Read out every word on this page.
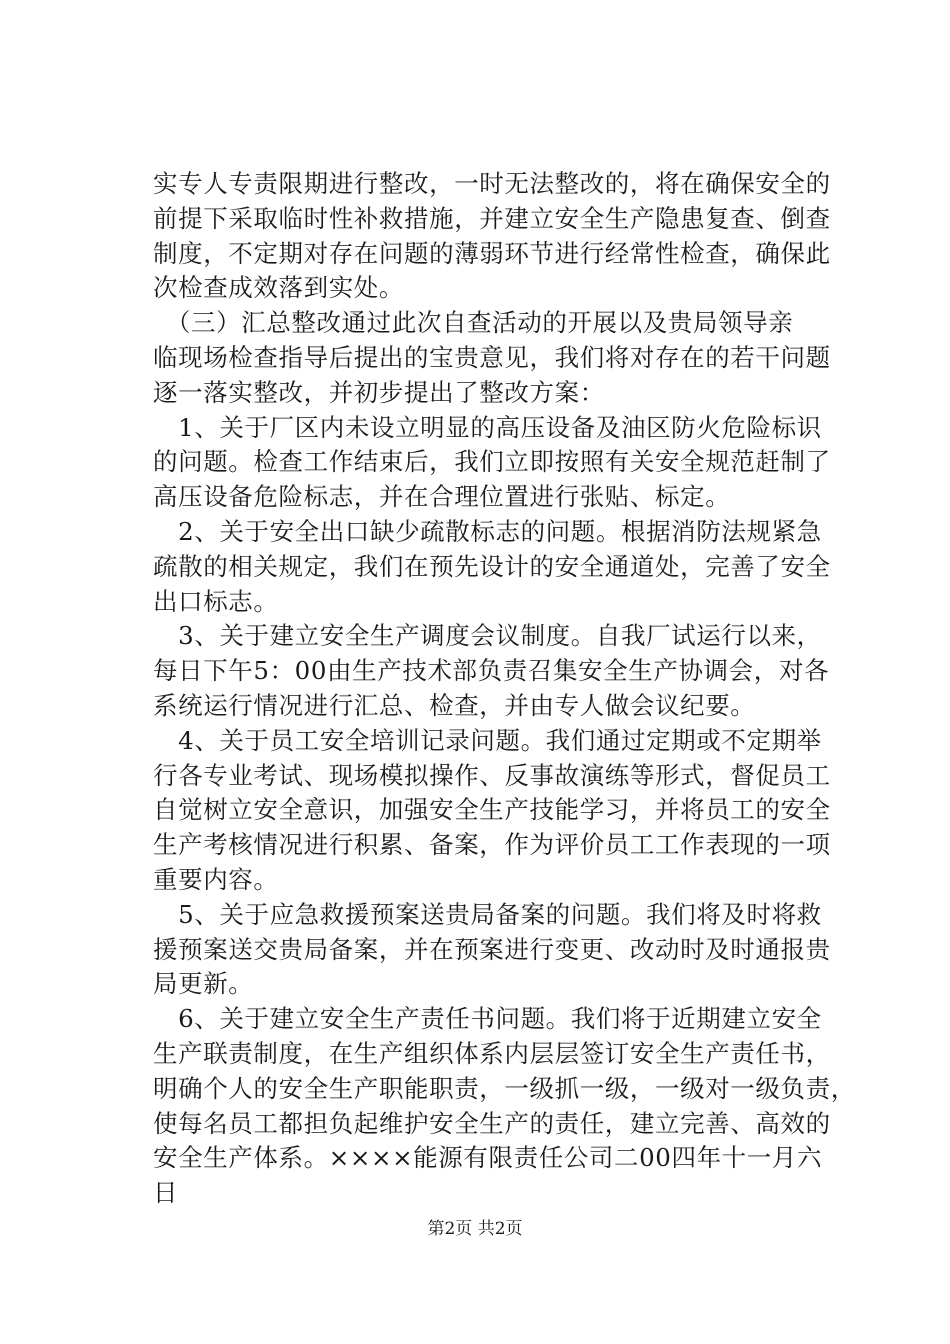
实专人专责限期进行整改，一时无法整改的，将在确保安全的
前提下采取临时性补救措施，并建立安全生产隐患复查、倒查
制度，不定期对存在问题的薄弱环节进行经常性检查，确保此
次检查成效落到实处。
　（三）汇总整改通过此次自查活动的开展以及贵局领导亲
临现场检查指导后提出的宝贵意见，我们将对存在的若干问题
逐一落实整改，并初步提出了整改方案：
　1、关于厂区内未设立明显的高压设备及油区防火危险标识
的问题。检查工作结束后，我们立即按照有关安全规范赶制了
高压设备危险标志，并在合理位置进行张贴、标定。
　2、关于安全出口缺少疏散标志的问题。根据消防法规紧急
疏散的相关规定，我们在预先设计的安全通道处，完善了安全
出口标志。
　3、关于建立安全生产调度会议制度。自我厂试运行以来，
每日下午5：00由生产技术部负责召集安全生产协调会，对各
系统运行情况进行汇总、检查，并由专人做会议纪要。
　4、关于员工安全培训记录问题。我们通过定期或不定期举
行各专业考试、现场模拟操作、反事故演练等形式，督促员工
自觉树立安全意识，加强安全生产技能学习，并将员工的安全
生产考核情况进行积累、备案，作为评价员工工作表现的一项
重要内容。
　5、关于应急救援预案送贵局备案的问题。我们将及时将救
援预案送交贵局备案，并在预案进行变更、改动时及时通报贵
局更新。
　6、关于建立安全生产责任书问题。我们将于近期建立安全
生产联责制度，在生产组织体系内层层签订安全生产责任书，
明确个人的安全生产职能职责，一级抓一级，一级对一级负责，
使每名员工都担负起维护安全生产的责任，建立完善、高效的
安全生产体系。××××能源有限责任公司二00四年十一月六
日
第2页 共2页
